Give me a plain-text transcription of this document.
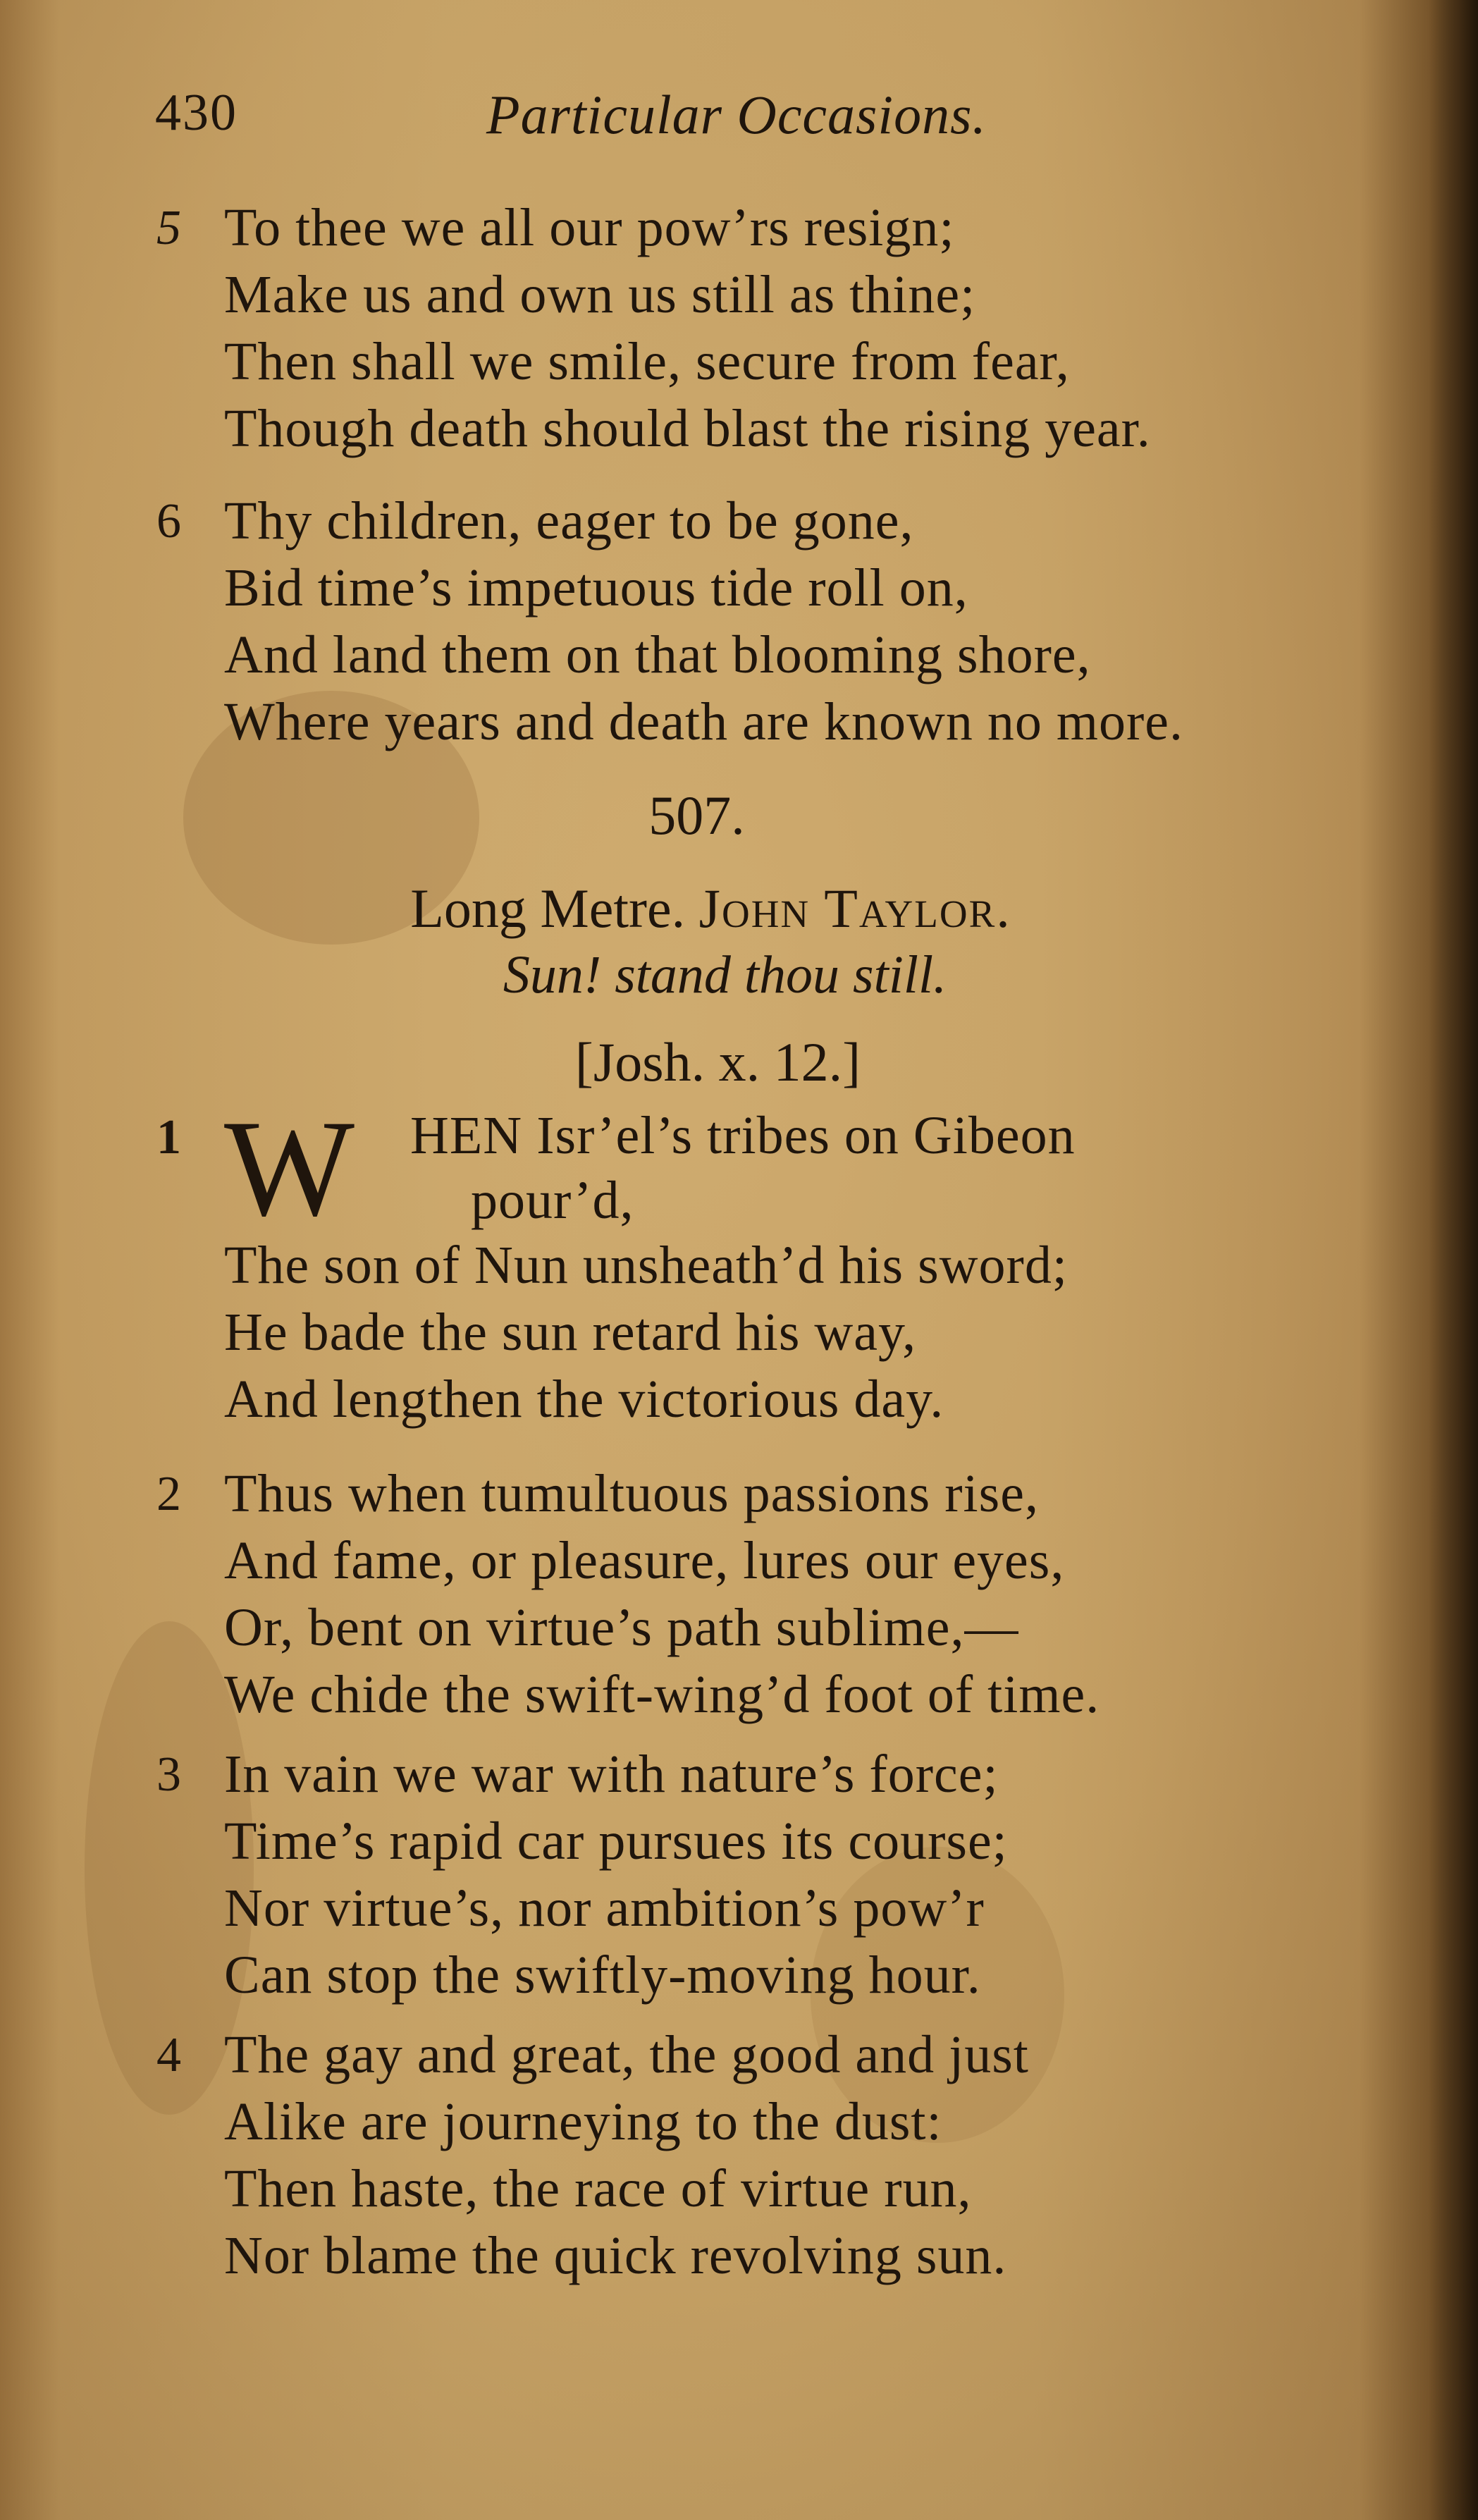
430	Particular Occasions.
5 To thee we all our pow’rs resign;
Make us and own us still as thine;
Then shall we smile, secure from fear,
Though death should blast the rising year.
6 Thy children, eager to be gone,
Bid time’s impetuous tide roll on,
And land them on that blooming shore,
Where years and death are known no more.
507.
Long Metre. John Taylor.
Sun! stand thou still.
[Josh. x. 12.]
1 W HEN Isr’el’s tribes on Gibeon
pour’d,
The son of Nun unsheath’d his sword;
He bade the sun retard his way,
And lengthen the victorious day.
2 Thus when tumultuous passions rise,
And fame, or pleasure, lures our eyes,
Or, bent on virtue’s path sublime,—
We chide the swift-wing’d foot of time.
3 In vain we war with nature’s force;
Time’s rapid car pursues its course;
Nor virtue’s, nor ambition’s pow’r
Can stop the swiftly-moving hour.
4 The gay and great, the good and just
Alike are journeying to the dust:
Then haste, the race of virtue run,
Nor blame the quick revolving sun.
